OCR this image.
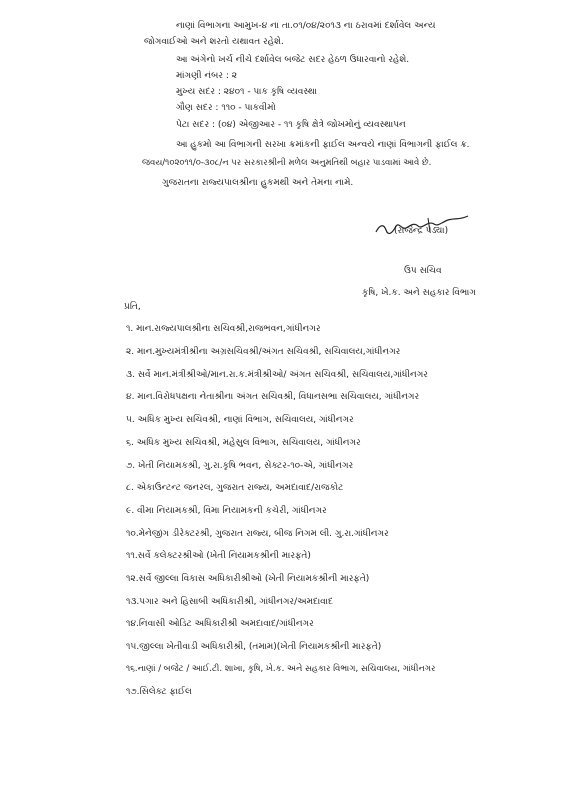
નાણાં વિભાગના આમુખ-૪ ના તા.૦૧/૦૪/૨૦૧૩ ના ઠરાવમાં દર્શાવેલ અન્ય
જોગવાઈઓ અને શરતો યથાવત રહેશે.
આ અંગેનો ખર્ચ નીચે દર્શાવેલ બજેટ સદર હેઠળ ઉધારવાનો રહેશે.
માંગણી નંબર : ૨
મુખ્ય સદર : ૨૪૦૧ - પાક કૃષિ વ્યવસ્થા
ગૌણ સદર : ૧૧૦ - પાકવીમો
પેટા સદર : (૦૪) એજીઆર - ૧૧ કૃષિ ક્ષેત્રે જોખમોનું વ્યવસ્થાપન
આ હુકમો આ વિભાગની સરખા ક્રમાંકની ફાઈલ અન્વયે નાણાં વિભાગની ફાઈલ ક્ર.
જવય/૧૦૨૦૧૧/૦-૩૦૮/ન પર સરકારશ્રીની મળેલ અનુમતિથી બહાર પાડવામાં આવે છે.
ગુજરાતના રાજ્યપાલશ્રીના હુકમથી અને તેમના નામે.
(રાજેન્દ્ર પંડ્યા)
ઉપ સચિવ
કૃષિ, ખે.ક. અને સહકાર વિભાગ
પ્રતિ,
૧. માન.રાજ્યપાલશ્રીના સચિવશ્રી,રાજભવન,ગાંધીનગર
૨. માન.મુખ્યમંત્રીશ્રીના અગ્રસચિવશ્રી/અંગત સચિવશ્રી, સચિવાલય,ગાંધીનગર
૩. સર્વે માન.મંત્રીશ્રીઓ/માન.રા.ક.મંત્રીશ્રીઓ/ અંગત સચિવશ્રી, સચિવાલય,ગાંધીનગર
૪. માન.વિરોધપક્ષના નેતાશ્રીના અંગત સચિવશ્રી, વિધાનસભા સચિવાલય, ગાંધીનગર
૫. અધિક મુખ્ય સચિવશ્રી, નાણાં વિભાગ, સચિવાલય, ગાંધીનગર
૬. અધિક મુખ્ય સચિવશ્રી, મહેસુલ વિભાગ, સચિવાલય, ગાંધીનગર
૭. ખેતી નિયામકશ્રી, ગુ.રા.કૃષિ ભવન, સેક્ટર-૧૦-એ, ગાંધીનગર
૮. એકાઉન્ટન્ટ જનરલ, ગુજરાત રાજ્ય, અમદાવાદ/રાજકોટ
૯. વીમા નિયામકશ્રી, વિમા નિયામકની કચેરી, ગાંધીનગર
૧૦.મેનેજીંગ ડીરેક્ટરશ્રી, ગુજરાત રાજ્ય, બીજ નિગમ લી. ગુ.રા.ગાંધીનગર
૧૧.સર્વે કલેક્ટરશ્રીઓ (ખેતી નિયામકશ્રીની મારફતે)
૧૨.સર્વે જીલ્લા વિકાસ અધિકારીશ્રીઓ (ખેતી નિયામકશ્રીની મારફતે)
૧૩.પગાર અને હિસાબી અધિકારીશ્રી, ગાંધીનગર/અમદાવાદ
૧૪.નિવાસી ઓડિટ અધિકારીશ્રી અમદાવાદ/ગાંધીનગર
૧૫.જીલ્લા ખેતીવાડી અધિકારીશ્રી, (તમામ)(ખેતી નિયામકશ્રીની મારફતે)
૧૬.નાણાં / બજેટ / આઈ.ટી. શાખા, કૃષિ, ખે.ક. અને સહકાર વિભાગ, સચિવાલય, ગાંધીનગર
૧૭.સિલેક્ટ ફાઈલ
